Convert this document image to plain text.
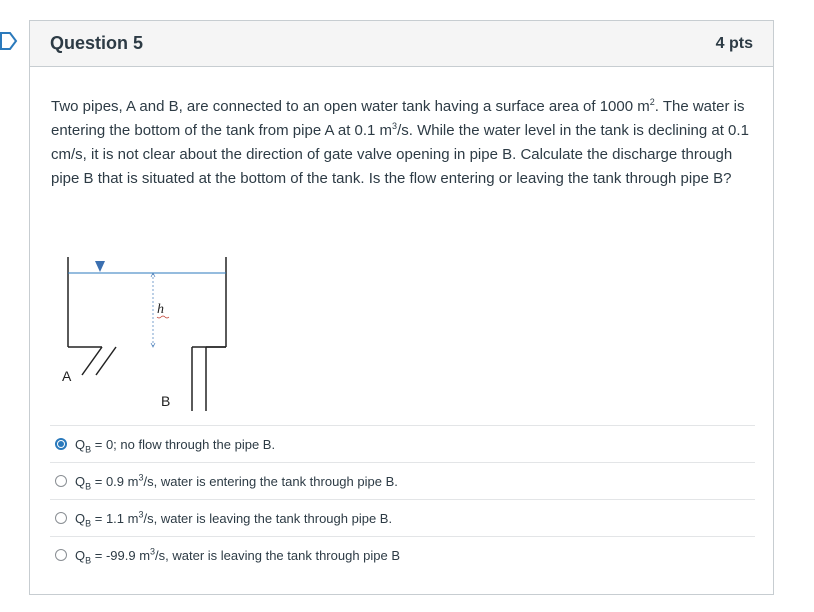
Question 5	4 pts
Two pipes, A and B, are connected to an open water tank having a surface area of 1000 $m^2$. The water is entering the bottom of the tank from pipe A at 0.1 $m^3/s$. While the water level in the tank is declining at 0.1 cm/s, it is not clear about the direction of gate valve opening in pipe B. Calculate the discharge through pipe B that is situated at the bottom of the tank. Is the flow entering or leaving the tank through pipe B?
h
A
B
$Q_B = 0$; no flow through the pipe B.
$Q_B = 0.9$ $m^3/s$, water is entering the tank through pipe B.
$Q_B = 1.1$ $m^3/s$, water is leaving the tank through pipe B.
$Q_B = -99.9$ $m^3/s$, water is leaving the tank through pipe B
